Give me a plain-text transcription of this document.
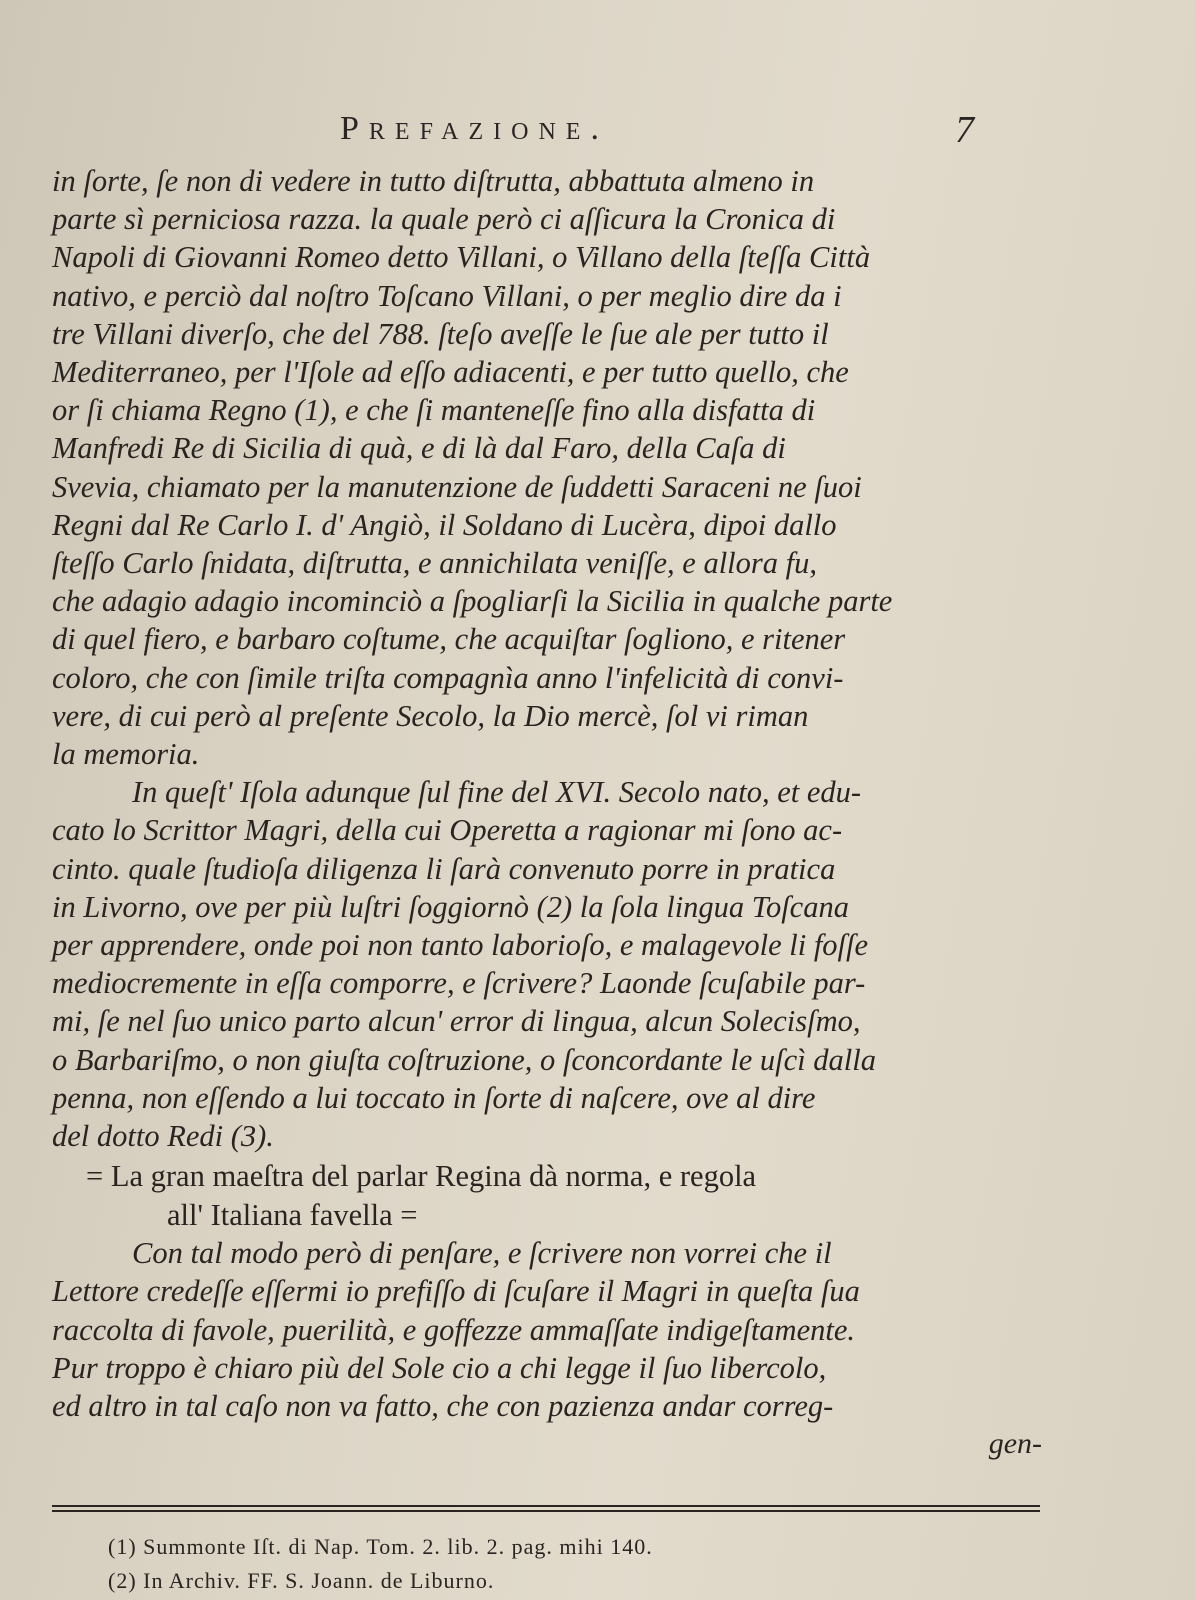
Prefazione.	7
in ſorte, ſe non di vedere in tutto diſtrutta, abbattuta almeno in
parte sì perniciosa razza. la quale però ci aſſicura la Cronica di
Napoli di Giovanni Romeo detto Villani, o Villano della ſteſſa Città
nativo, e perciò dal noſtro Toſcano Villani, o per meglio dire da i
tre Villani diverſo, che del 788. ſteſo aveſſe le ſue ale per tutto il
Mediterraneo, per l'Iſole ad eſſo adiacenti, e per tutto quello, che
or ſi chiama Regno (1), e che ſi manteneſſe fino alla disfatta di
Manfredi Re di Sicilia di quà, e di là dal Faro, della Caſa di
Svevia, chiamato per la manutenzione de ſuddetti Saraceni ne ſuoi
Regni dal Re Carlo I. d' Angiò, il Soldano di Lucèra, dipoi dallo
ſteſſo Carlo ſnidata, diſtrutta, e annichilata veniſſe, e allora fu,
che adagio adagio incominciò a ſpogliarſi la Sicilia in qualche parte
di quel fiero, e barbaro coſtume, che acquiſtar ſogliono, e ritener
coloro, che con ſimile triſta compagnìa anno l'infelicità di convi-
vere, di cui però al preſente Secolo, la Dio mercè, ſol vi riman
la memoria.
In queſt' Iſola adunque ſul fine del XVI. Secolo nato, et edu-
cato lo Scrittor Magri, della cui Operetta a ragionar mi ſono ac-
cinto. quale ſtudioſa diligenza li ſarà convenuto porre in pratica
in Livorno, ove per più luſtri ſoggiornò (2) la ſola lingua Toſcana
per apprendere, onde poi non tanto laborioſo, e malagevole li foſſe
mediocremente in eſſa comporre, e ſcrivere? Laonde ſcuſabile par-
mi, ſe nel ſuo unico parto alcun' error di lingua, alcun Solecisſmo,
o Barbariſmo, o non giuſta coſtruzione, o ſconcordante le uſcì dalla
penna, non eſſendo a lui toccato in ſorte di naſcere, ove al dire
del dotto Redi (3).
= La gran maeſtra del parlar Regina dà norma, e regola
all' Italiana favella =
Con tal modo però di penſare, e ſcrivere non vorrei che il
Lettore credeſſe eſſermi io prefiſſo di ſcuſare il Magri in queſta ſua
raccolta di favole, puerilità, e goffezze ammaſſate indigeſtamente.
Pur troppo è chiaro più del Sole cio a chi legge il ſuo libercolo,
ed altro in tal caſo non va fatto, che con pazienza andar correg-
gen-
(1) Summonte Iſt. di Nap. Tom. 2. lib. 2. pag. mihi 140.
(2) In Archiv. FF. S. Joann. de Liburno.
